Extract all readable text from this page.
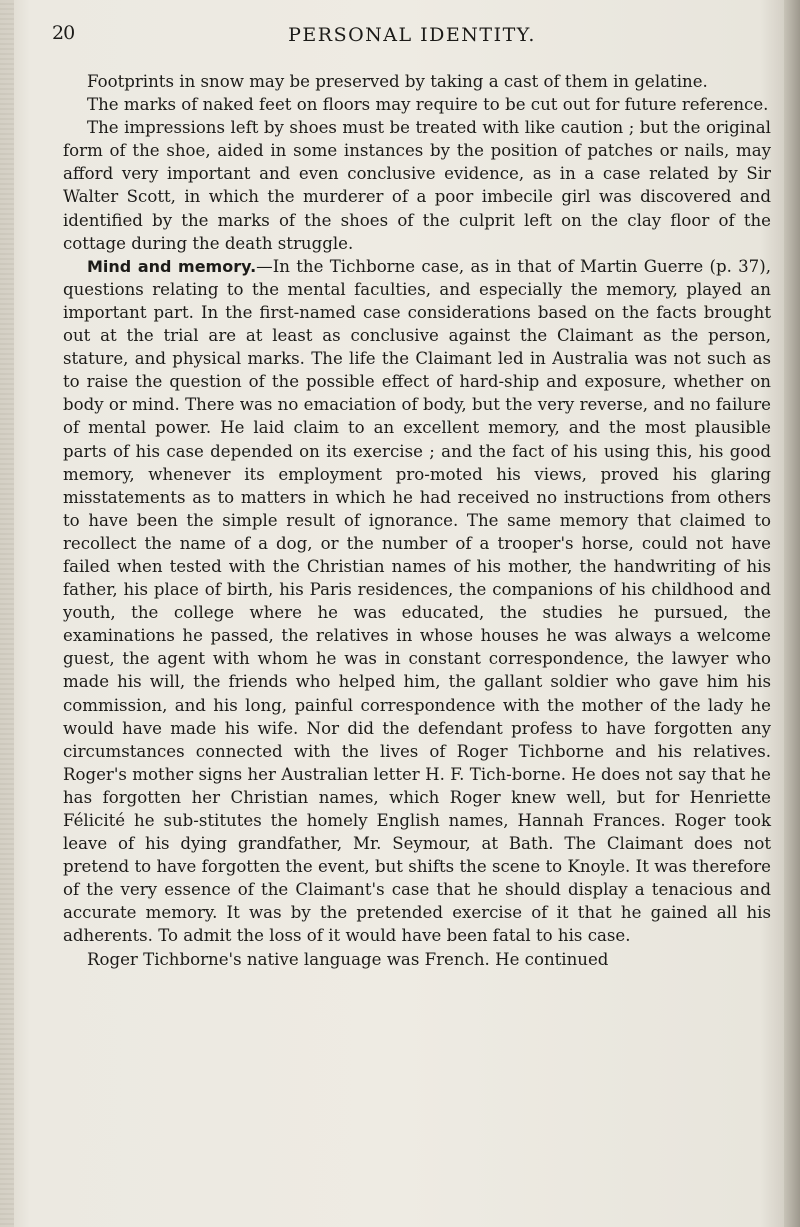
20	PERSONAL IDENTITY.

Footprints in snow may be preserved by taking a cast of them in gelatine.

The marks of naked feet on floors may require to be cut out for future reference.

The impressions left by shoes must be treated with like caution ; but the original form of the shoe, aided in some instances by the position of patches or nails, may afford very important and even conclusive evidence, as in a case related by Sir Walter Scott, in which the murderer of a poor imbecile girl was discovered and identified by the marks of the shoes of the culprit left on the clay floor of the cottage during the death struggle.

Mind and memory.—In the Tichborne case, as in that of Martin Guerre (p. 37), questions relating to the mental faculties, and especially the memory, played an important part. In the first-named case considerations based on the facts brought out at the trial are at least as conclusive against the Claimant as the person, stature, and physical marks. The life the Claimant led in Australia was not such as to raise the question of the possible effect of hard-ship and exposure, whether on body or mind. There was no emaciation of body, but the very reverse, and no failure of mental power. He laid claim to an excellent memory, and the most plausible parts of his case depended on its exercise ; and the fact of his using this, his good memory, whenever its employment pro-moted his views, proved his glaring misstatements as to matters in which he had received no instructions from others to have been the simple result of ignorance. The same memory that claimed to recollect the name of a dog, or the number of a trooper's horse, could not have failed when tested with the Christian names of his mother, the handwriting of his father, his place of birth, his Paris residences, the companions of his childhood and youth, the college where he was educated, the studies he pursued, the examinations he passed, the relatives in whose houses he was always a welcome guest, the agent with whom he was in constant correspondence, the lawyer who made his will, the friends who helped him, the gallant soldier who gave him his commission, and his long, painful correspondence with the mother of the lady he would have made his wife. Nor did the defendant profess to have forgotten any circumstances connected with the lives of Roger Tichborne and his relatives. Roger's mother signs her Australian letter H. F. Tich-borne. He does not say that he has forgotten her Christian names, which Roger knew well, but for Henriette Félicité he sub-stitutes the homely English names, Hannah Frances. Roger took leave of his dying grandfather, Mr. Seymour, at Bath. The Claimant does not pretend to have forgotten the event, but shifts the scene to Knoyle. It was therefore of the very essence of the Claimant's case that he should display a tenacious and accurate memory. It was by the pretended exercise of it that he gained all his adherents. To admit the loss of it would have been fatal to his case.

Roger Tichborne's native language was French. He continued
